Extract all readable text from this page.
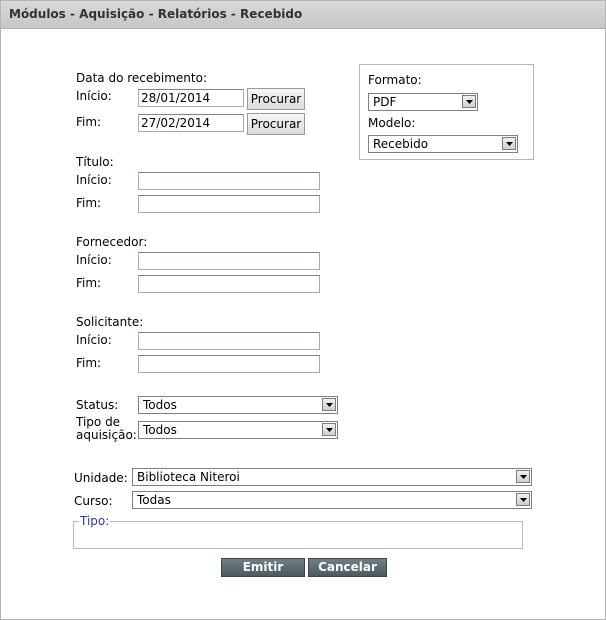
Módulos - Aquisição - Relatórios - Recebido
Data do recebimento:
Início: 28/01/2014	Procurar
Fim:	27/02/2014	Procurar
Formato:
PDF
Modelo:
Recebido
Título:
Início:
Fim:
Fornecedor:
Início:
Fim:
Solicitante:
Início:
Fim:
Status: Todos
Tipo de
aquisição: Todos
Unidade: Biblioteca Niteroi
Curso: Todas
Tipo:
Emitir	Cancelar
